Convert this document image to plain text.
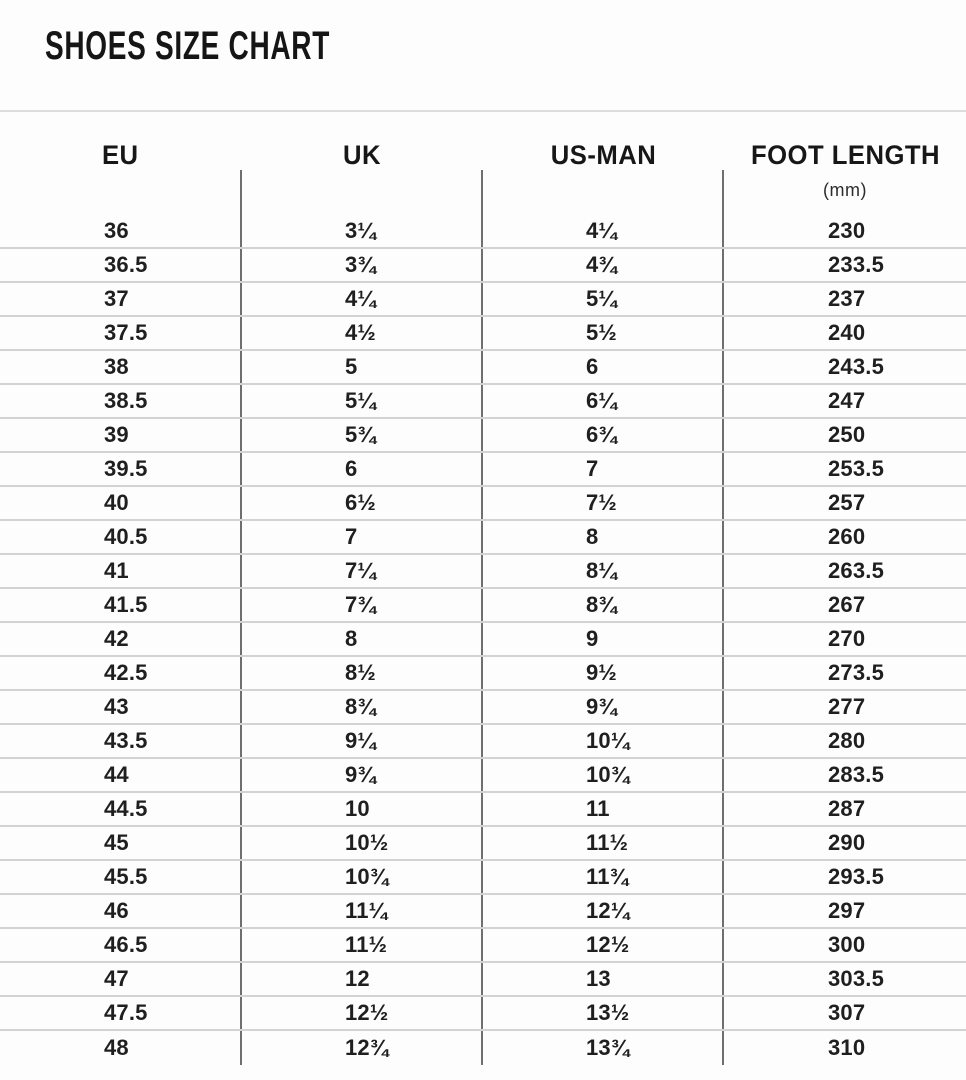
SHOES SIZE CHART
EU	UK	US-MAN	FOOT LENGTH
(mm)
36	3¼	4¼	230
36.5	3¾	4¾	233.5
37	4¼	5¼	237
37.5	4½	5½	240
38	5	6	243.5
38.5	5¼	6¼	247
39	5¾	6¾	250
39.5	6	7	253.5
40	6½	7½	257
40.5	7	8	260
41	7¼	8¼	263.5
41.5	7¾	8¾	267
42	8	9	270
42.5	8½	9½	273.5
43	8¾	9¾	277
43.5	9¼	10¼	280
44	9¾	10¾	283.5
44.5	10	11	287
45	10½	11½	290
45.5	10¾	11¾	293.5
46	11¼	12¼	297
46.5	11½	12½	300
47	12	13	303.5
47.5	12½	13½	307
48	12¾	13¾	310
